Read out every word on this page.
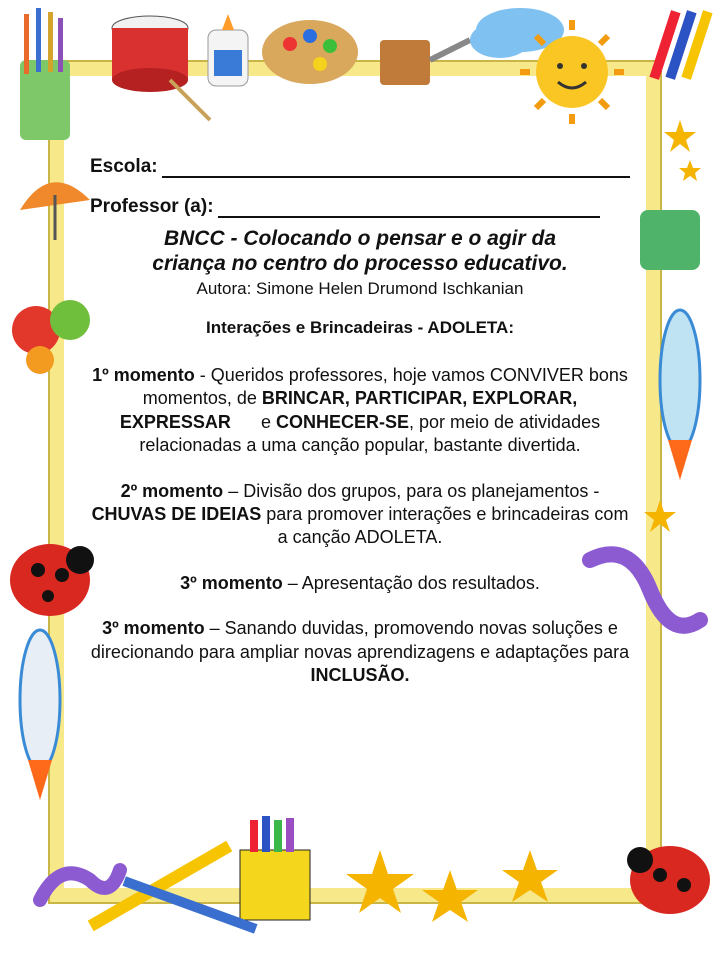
Escola:
Professor (a):
BNCC - Colocando o pensar e o agir da
criança no centro do processo educativo.
Autora: Simone Helen Drumond Ischkanian
Interações e Brincadeiras - ADOLETA:
1º momento - Queridos professores, hoje vamos CONVIVER bons momentos, de BRINCAR, PARTICIPAR, EXPLORAR, EXPRESSAR      e CONHECER-SE, por meio de atividades relacionadas a uma canção popular, bastante divertida.
2º momento – Divisão dos grupos, para os planejamentos - CHUVAS DE IDEIAS para promover interações e brincadeiras com a canção ADOLETA.
3º momento – Apresentação dos resultados.
3º momento – Sanando duvidas, promovendo novas soluções e direcionando para ampliar novas aprendizagens e adaptações para INCLUSÃO.
